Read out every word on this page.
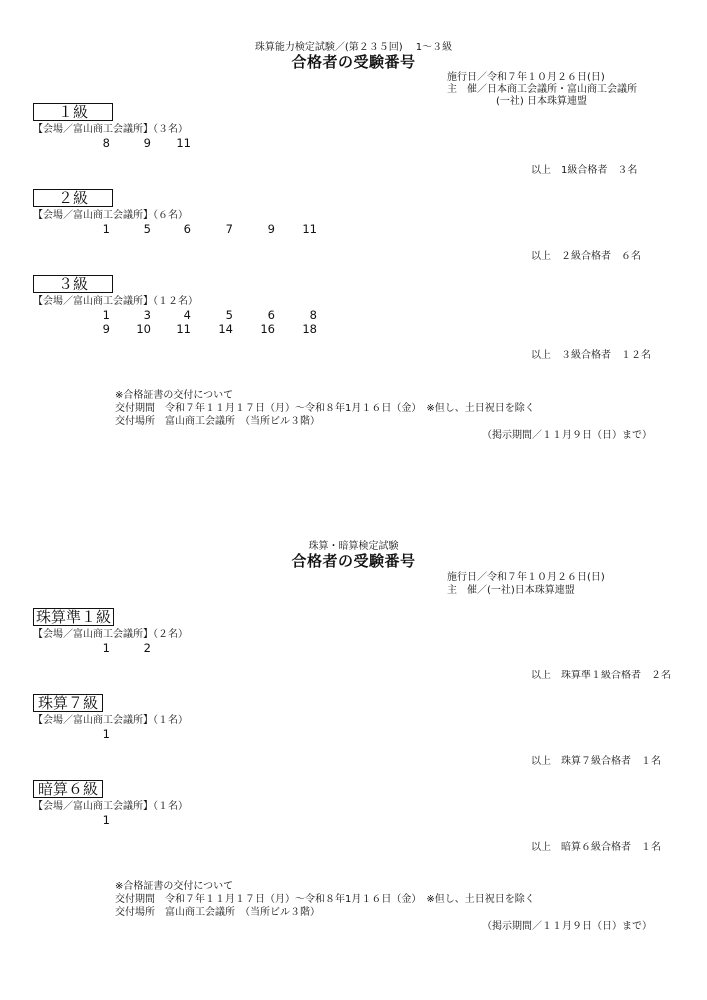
珠算能力検定試験／(第２３５回)　 1～３級
合格者の受験番号
施行日／令和７年１０月２６日(日)
主　催／日本商工会議所・富山商工会議所
(一社) 日本珠算連盟
１級
【会場／富山商工会議所】（３名）
8	9	11
以上　1級合格者　３名
２級
【会場／富山商工会議所】（６名）
1	5	6	7	9	11
以上　２級合格者　６名
３級
【会場／富山商工会議所】（１２名）
1	3	4	5	6	8
9	10	11	14	16	18
以上　３級合格者　１２名
※合格証書の交付について
交付期間　令和７年１１月１７日（月）～令和８年1月１６日（金）　※但し、土日祝日を除く
交付場所　富山商工会議所　（当所ビル３階）
（掲示期間／１１月９日（日）まで）
珠算・暗算検定試験
合格者の受験番号
施行日／令和７年１０月２６日(日)
主　催／(一社)日本珠算連盟
珠算準１級
【会場／富山商工会議所】（２名）
1	2
以上　珠算準１級合格者　２名
珠算７級
【会場／富山商工会議所】（１名）
1
以上　珠算７級合格者　１名
暗算６級
【会場／富山商工会議所】（１名）
1
以上　暗算６級合格者　１名
※合格証書の交付について
交付期間　令和７年１１月１７日（月）～令和８年1月１６日（金）　※但し、土日祝日を除く
交付場所　富山商工会議所　（当所ビル３階）
（掲示期間／１１月９日（日）まで）
